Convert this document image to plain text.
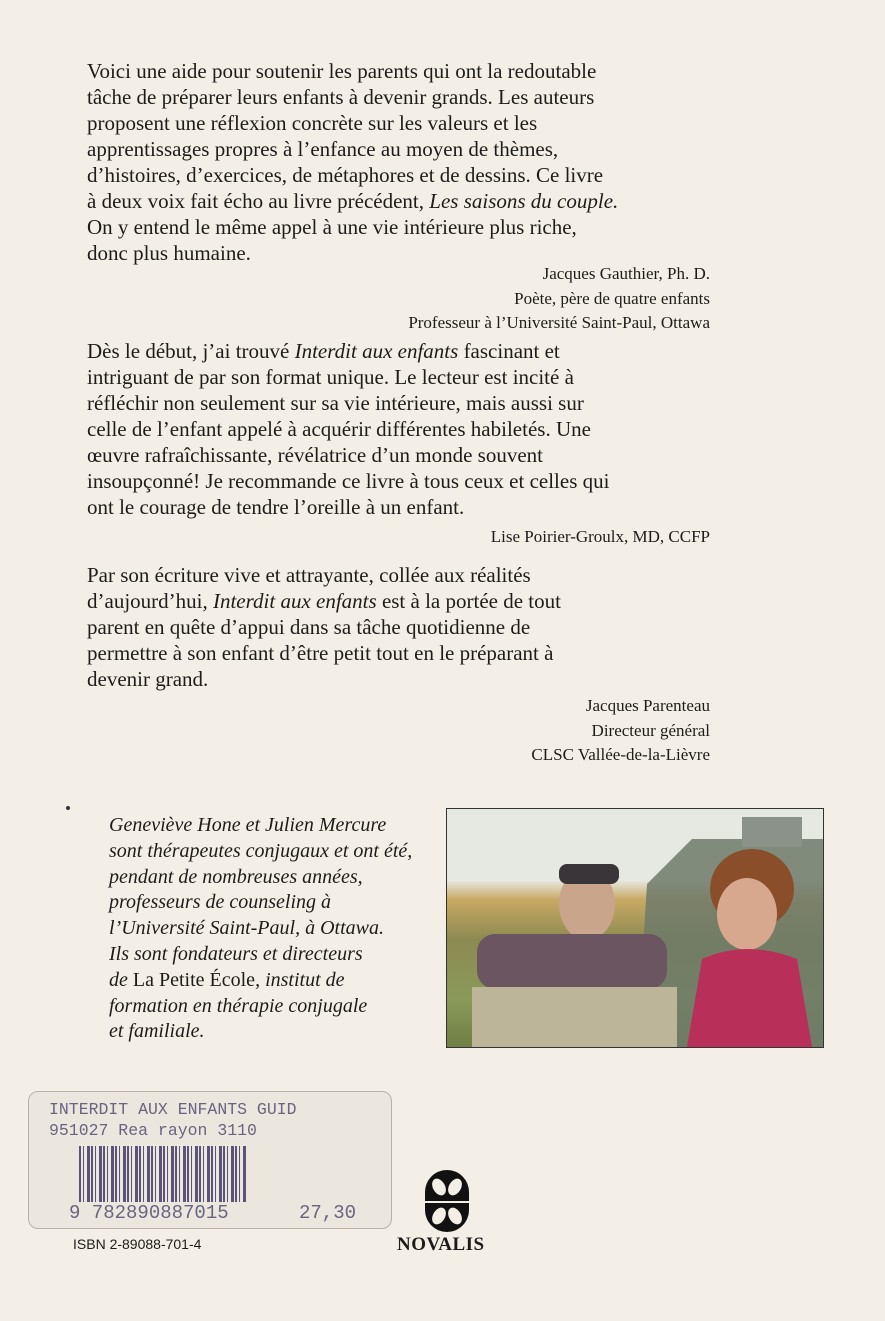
Voici une aide pour soutenir les parents qui ont la redoutable
tâche de préparer leurs enfants à devenir grands. Les auteurs
proposent une réflexion concrète sur les valeurs et les
apprentissages propres à l’enfance au moyen de thèmes,
d’histoires, d’exercices, de métaphores et de dessins. Ce livre
à deux voix fait écho au livre précédent, Les saisons du couple.
On y entend le même appel à une vie intérieure plus riche,
donc plus humaine.
Jacques Gauthier, Ph. D.
Poète, père de quatre enfants
Professeur à l’Université Saint-Paul, Ottawa
Dès le début, j’ai trouvé Interdit aux enfants fascinant et
intriguant de par son format unique. Le lecteur est incité à
réfléchir non seulement sur sa vie intérieure, mais aussi sur
celle de l’enfant appelé à acquérir différentes habiletés. Une
œuvre rafraîchissante, révélatrice d’un monde souvent
insoupçonné! Je recommande ce livre à tous ceux et celles qui
ont le courage de tendre l’oreille à un enfant.
Lise Poirier-Groulx, MD, CCFP
Par son écriture vive et attrayante, collée aux réalités
d’aujourd’hui, Interdit aux enfants est à la portée de tout
parent en quête d’appui dans sa tâche quotidienne de
permettre à son enfant d’être petit tout en le préparant à
devenir grand.
Jacques Parenteau
Directeur général
CLSC Vallée-de-la-Lièvre
Geneviève Hone et Julien Mercure
sont thérapeutes conjugaux et ont été,
pendant de nombreuses années,
professeurs de counseling à
l’Université Saint-Paul, à Ottawa.
Ils sont fondateurs et directeurs
de La Petite École, institut de
formation en thérapie conjugale
et familiale.
INTERDIT AUX ENFANTS GUID
951027 Rea rayon 3110
9 782890887015	27,30
ISBN 2-89088-701-4	NOVALIS
